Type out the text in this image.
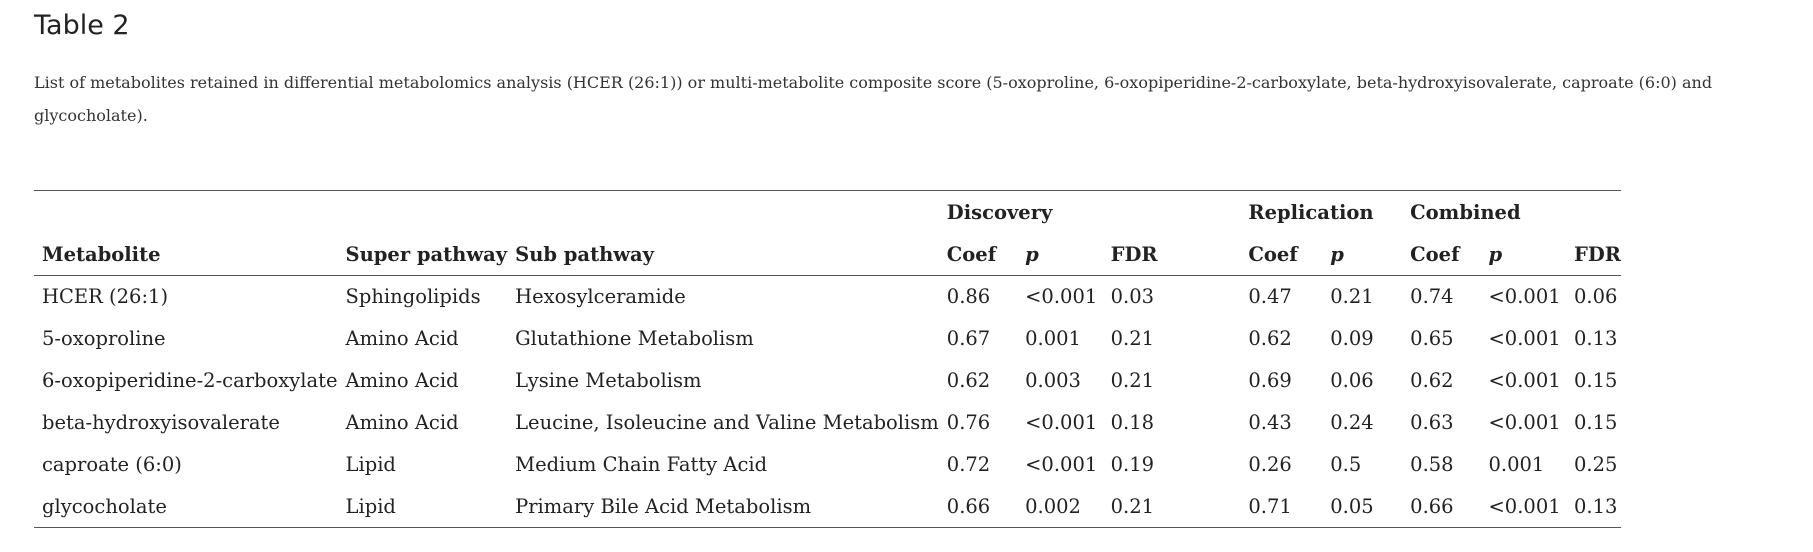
Table 2

List of metabolites retained in differential metabolomics analysis (HCER (26:1)) or multi-metabolite composite score (5-oxoproline, 6-oxopiperidine-2-carboxylate, beta-hydroxyisovalerate, caproate (6:0) and glycocholate).

			Discovery			Replication		Combined		
Metabolite	Super pathway	Sub pathway	Coef	p	FDR	Coef	p	Coef	p	FDR
HCER (26:1)	Sphingolipids	Hexosylceramide	0.86	<0.001	0.03	0.47	0.21	0.74	<0.001	0.06
5-oxoproline	Amino Acid	Glutathione Metabolism	0.67	0.001	0.21	0.62	0.09	0.65	<0.001	0.13
6-oxopiperidine-2-carboxylate	Amino Acid	Lysine Metabolism	0.62	0.003	0.21	0.69	0.06	0.62	<0.001	0.15
beta-hydroxyisovalerate	Amino Acid	Leucine, Isoleucine and Valine Metabolism	0.76	<0.001	0.18	0.43	0.24	0.63	<0.001	0.15
caproate (6:0)	Lipid	Medium Chain Fatty Acid	0.72	<0.001	0.19	0.26	0.5	0.58	0.001	0.25
glycocholate	Lipid	Primary Bile Acid Metabolism	0.66	0.002	0.21	0.71	0.05	0.66	<0.001	0.13
